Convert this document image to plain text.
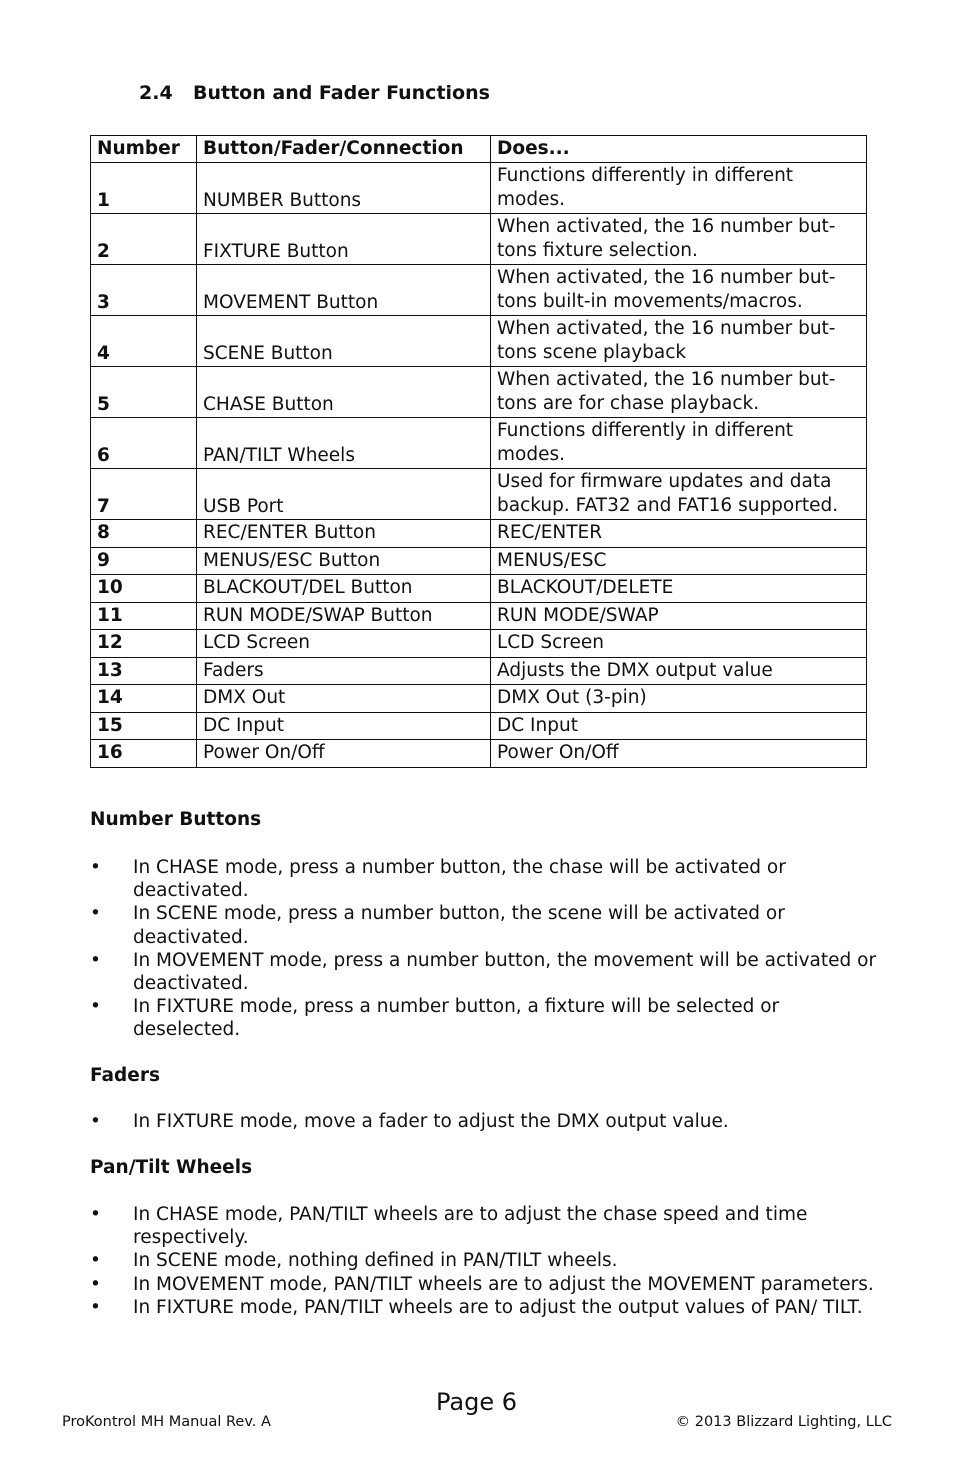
2.4 Button and Fader Functions
Number	Button/Fader/Connection	Does...
1	NUMBER Buttons	Functions differently in different modes.
2	FIXTURE Button	When activated, the 16 number but-tons fixture selection.
3	MOVEMENT Button	When activated, the 16 number but-tons built-in movements/macros.
4	SCENE Button	When activated, the 16 number but-tons scene playback
5	CHASE Button	When activated, the 16 number but-tons are for chase playback.
6	PAN/TILT Wheels	Functions differently in different modes.
7	USB Port	Used for firmware updates and data backup. FAT32 and FAT16 supported.
8	REC/ENTER Button	REC/ENTER
9	MENUS/ESC Button	MENUS/ESC
10	BLACKOUT/DEL Button	BLACKOUT/DELETE
11	RUN MODE/SWAP Button	RUN MODE/SWAP
12	LCD Screen	LCD Screen
13	Faders	Adjusts the DMX output value
14	DMX Out	DMX Out (3-pin)
15	DC Input	DC Input
16	Power On/Off	Power On/Off
Number Buttons
• In CHASE mode, press a number button, the chase will be activated or deactivated.
• In SCENE mode, press a number button, the scene will be activated or deactivated.
• In MOVEMENT mode, press a number button, the movement will be activated or deactivated.
• In FIXTURE mode, press a number button, a fixture will be selected or deselected.
Faders
• In FIXTURE mode, move a fader to adjust the DMX output value.
Pan/Tilt Wheels
• In CHASE mode, PAN/TILT wheels are to adjust the chase speed and time respectively.
• In SCENE mode, nothing defined in PAN/TILT wheels.
• In MOVEMENT mode, PAN/TILT wheels are to adjust the MOVEMENT parameters.
• In FIXTURE mode, PAN/TILT wheels are to adjust the output values of PAN/ TILT.
Page 6
ProKontrol MH Manual Rev. A	© 2013 Blizzard Lighting, LLC
